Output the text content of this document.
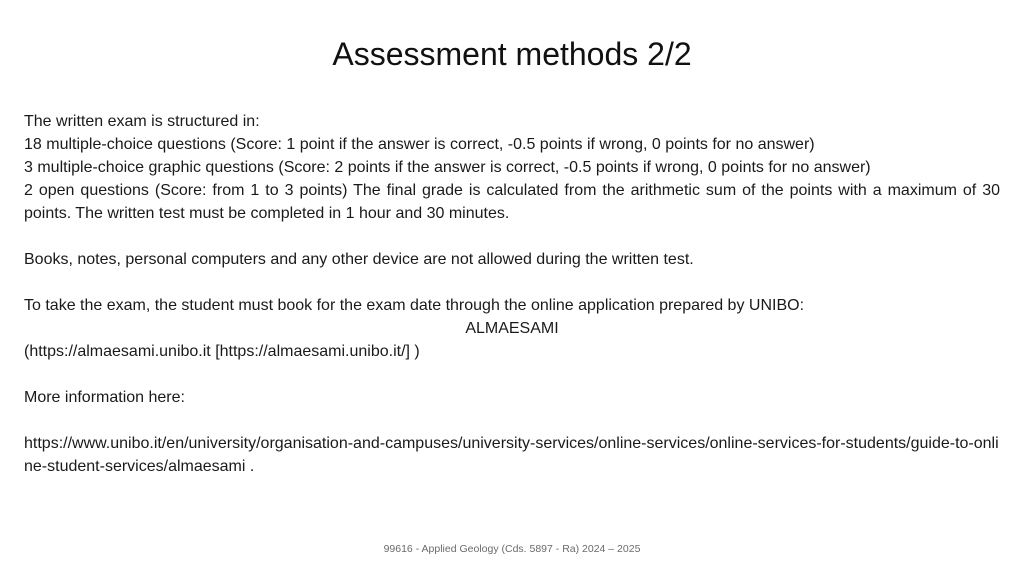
Assessment methods 2/2

The written exam is structured in:

18 multiple-choice questions (Score: 1 point if the answer is correct, -0.5 points if wrong, 0 points for no answer)

3 multiple-choice graphic questions (Score: 2 points if the answer is correct, -0.5 points if wrong, 0 points for no answer)

2 open questions (Score: from 1 to 3 points) The final grade is calculated from the arithmetic sum of the points with a maximum of 30 points. The written test must be completed in 1 hour and 30 minutes.

Books, notes, personal computers and any other device are not allowed during the written test.

To take the exam, the student must book for the exam date through the online application prepared by UNIBO:

ALMAESAMI

(https://almaesami.unibo.it [https://almaesami.unibo.it/] )

More information here:

https://www.unibo.it/en/university/organisation-and-campuses/university-services/online-services/online-services-for-students/guide-to-online-student-services/almaesami .

99616 - Applied Geology (Cds. 5897 - Ra) 2024 – 2025
